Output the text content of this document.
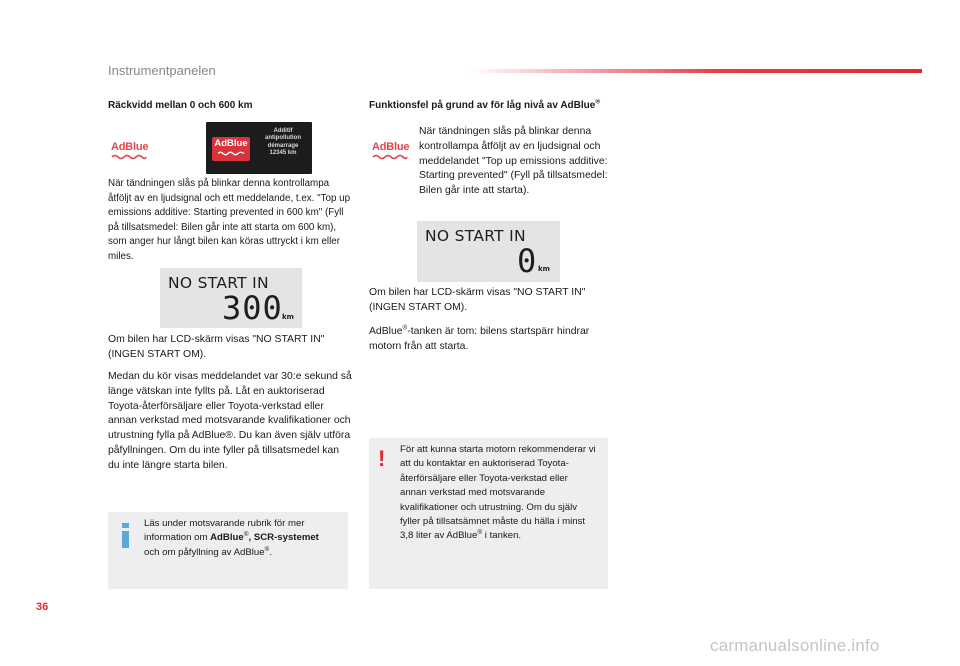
Instrumentpanelen
Räckvidd mellan 0 och 600 km
AdBlue	AdBlue
Additif
antipollution
démarrage
12345 km

När tändningen slås på blinkar denna kontrollampa åtföljt av en ljudsignal och ett meddelande, t.ex. "Top up emissions additive: Starting prevented in 600 km" (Fyll på tillsatsmedel: Bilen går inte att starta om 600 km), som anger hur långt bilen kan köras uttryckt i km eller miles.

NO START IN
300 km

Om bilen har LCD-skärm visas "NO START IN" (INGEN START OM).

Medan du kör visas meddelandet var 30:e sekund så länge vätskan inte fyllts på. Låt en auktoriserad Toyota-återförsäljare eller Toyota-verkstad eller annan verkstad med motsvarande kvalifikationer och utrustning fylla på AdBlue®. Du kan även själv utföra påfyllningen. Om du inte fyller på tillsatsmedel kan du inte längre starta bilen.

Läs under motsvarande rubrik för mer information om AdBlue®, SCR-systemet och om påfyllning av AdBlue®.

Funktionsfel på grund av för låg nivå av AdBlue®
AdBlue

När tändningen slås på blinkar denna kontrollampa åtföljt av en ljudsignal och meddelandet "Top up emissions additive: Starting prevented" (Fyll på tillsatsmedel: Bilen går inte att starta).

NO START IN
0 km

Om bilen har LCD-skärm visas "NO START IN" (INGEN START OM).

AdBlue®-tanken är tom: bilens startspärr hindrar motorn från att starta.

! För att kunna starta motorn rekommenderar vi att du kontaktar en auktoriserad Toyota-återförsäljare eller Toyota-verkstad eller annan verkstad med motsvarande kvalifikationer och utrustning. Om du själv fyller på tillsatsämnet måste du hälla i minst 3,8 liter av AdBlue® i tanken.

36
carmanualsonline.info
